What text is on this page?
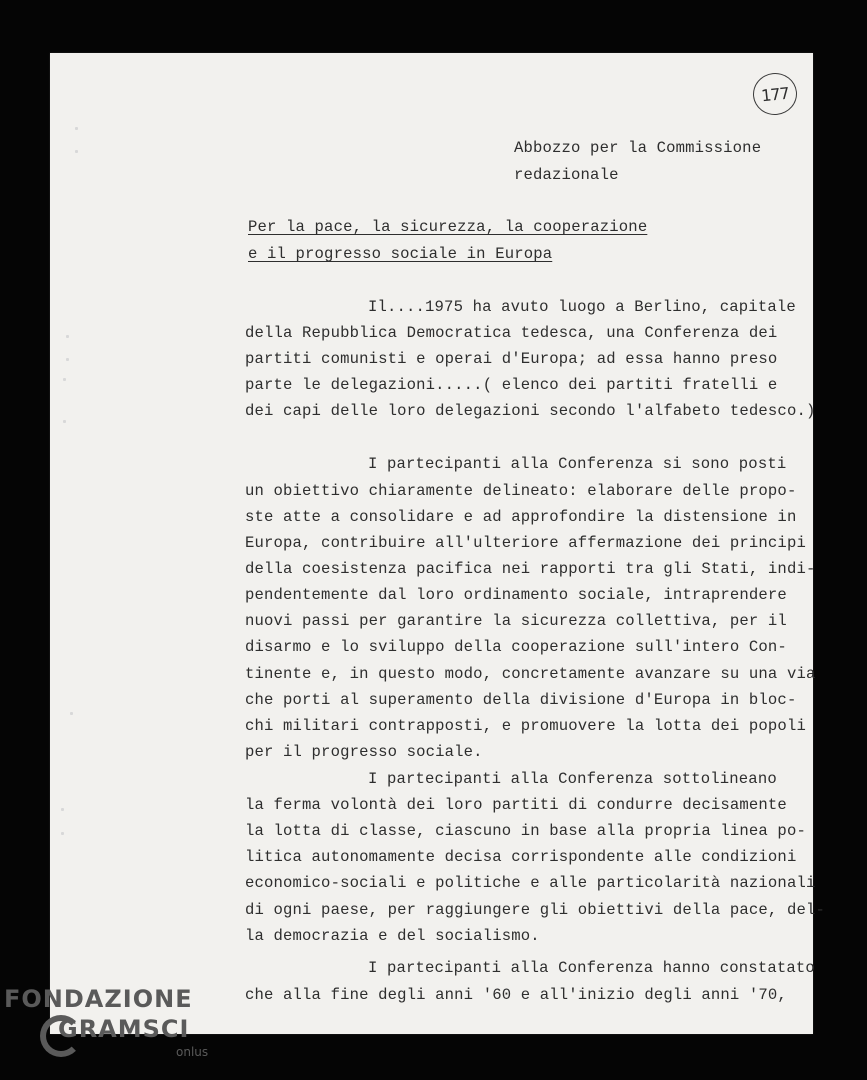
177
Abbozzo per la Commissione
redazionale
Per la pace, la sicurezza, la cooperazione
e il progresso sociale in Europa
Il....1975 ha avuto luogo a Berlino, capitale
della Repubblica Democratica tedesca, una Conferenza dei
partiti comunisti e operai d'Europa; ad essa hanno preso
parte le delegazioni.....( elenco dei partiti fratelli e
dei capi delle loro delegazioni secondo l'alfabeto tedesco.)
I partecipanti alla Conferenza si sono posti
un obiettivo chiaramente delineato: elaborare delle propo-
ste atte a consolidare e ad approfondire la distensione in
Europa, contribuire all'ulteriore affermazione dei principi
della coesistenza pacifica nei rapporti tra gli Stati, indi-
pendentemente dal loro ordinamento sociale, intraprendere
nuovi passi per garantire la sicurezza collettiva, per il
disarmo e lo sviluppo della cooperazione sull'intero Con-
tinente e, in questo modo, concretamente avanzare su una via
che porti al superamento della divisione d'Europa in bloc-
chi militari contrapposti, e promuovere la lotta dei popoli
per il progresso sociale.
I partecipanti alla Conferenza sottolineano
la ferma volontà dei loro partiti di condurre decisamente
la lotta di classe, ciascuno in base alla propria linea po-
litica autonomamente decisa corrispondente alle condizioni
economico-sociali e politiche e alle particolarità nazionali
di ogni paese, per raggiungere gli obiettivi della pace, del-
la democrazia e del socialismo.
I partecipanti alla Conferenza hanno constatato
che alla fine degli anni '60 e all'inizio degli anni '70,
FONDAZIONE
GRAMSCI
onlus
